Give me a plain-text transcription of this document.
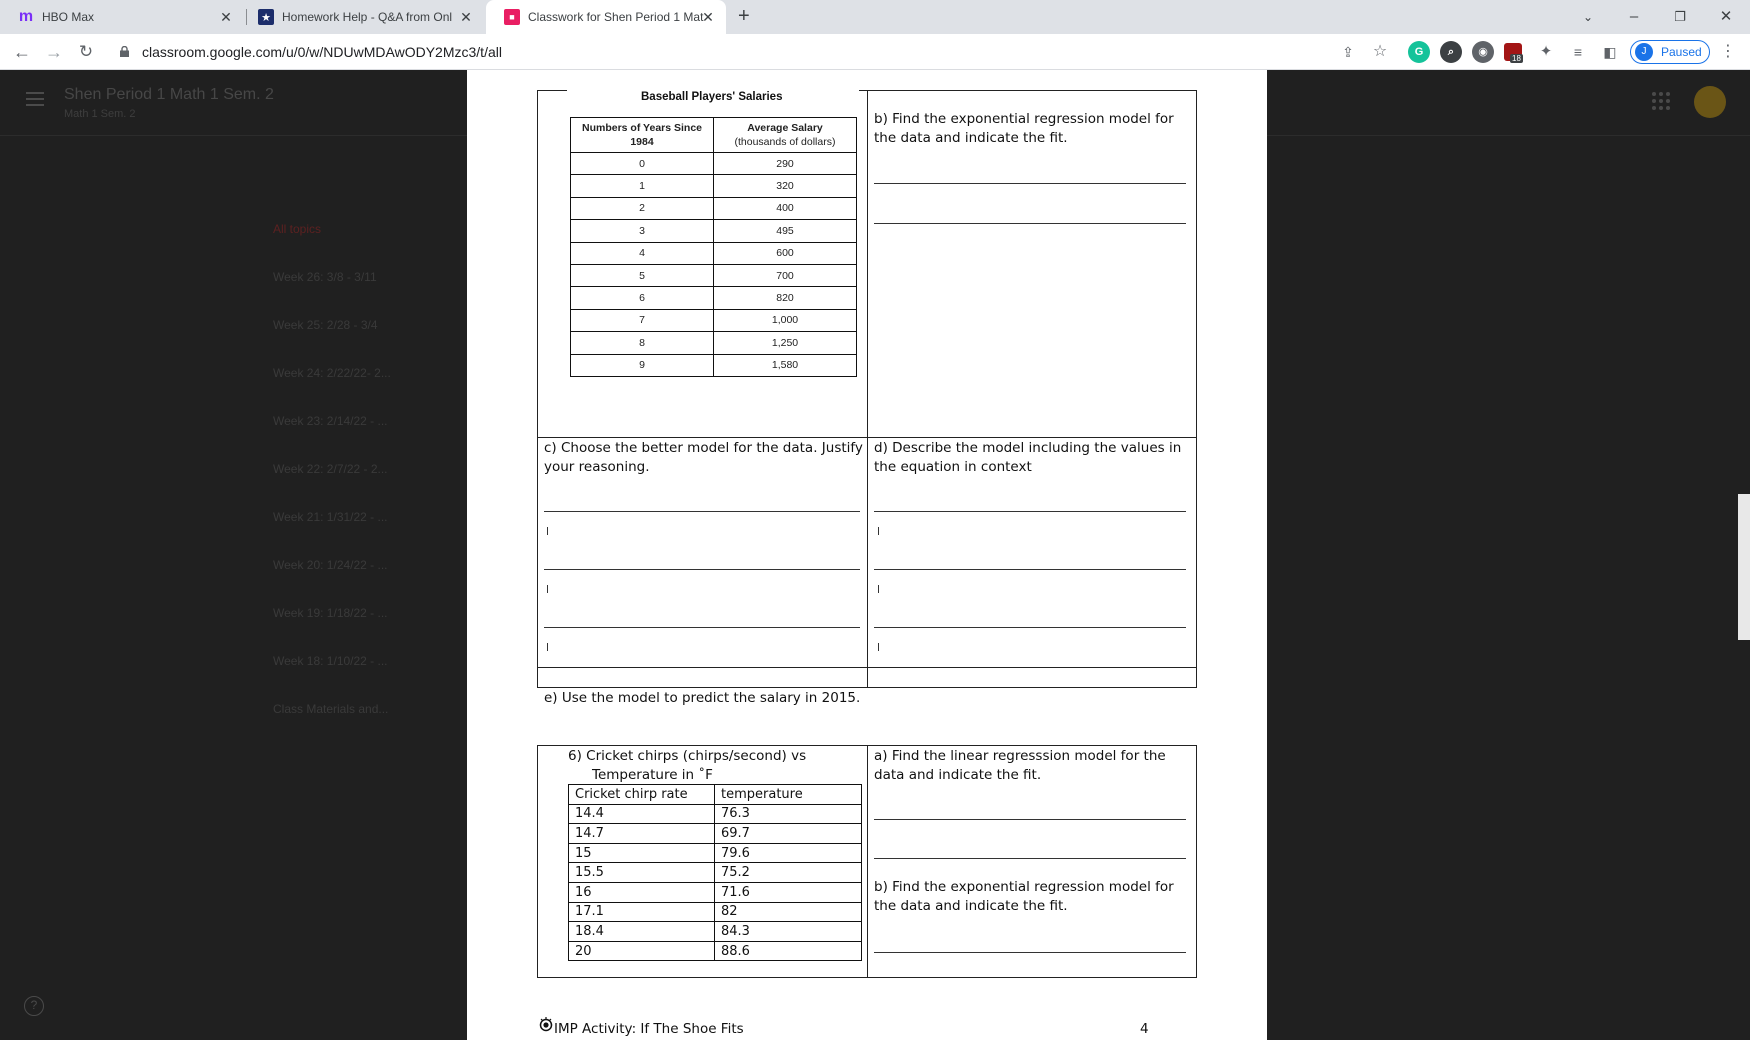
m HBO Max	✕	★ Homework Help - Q&A from Onl ✕	■	Classwork for Shen Period 1 Mat
✕ +	⌄	–	❐	✕
← → ↻	classroom.google.com/u/0/w/NDUwMDAwODY2Mzc3/t/all	⇪	☆	G	⌕	◉
18	✦	≡	◧	J	Paused	⋮
Shen Period 1 Math 1 Sem. 2
Math 1 Sem. 2
All topics
Week 26: 3/8 - 3/11
Week 25: 2/28 - 3/4
Week 24: 2/22/22- 2...
Week 23: 2/14/22 - ...
Week 22: 2/7/22 - 2...
Week 21: 1/31/22 - ...
Week 20: 1/24/22 - ...
Week 19: 1/18/22 - ...
Week 18: 1/10/22 - ...
Class Materials and...
?
Baseball Players' Salaries
Numbers of Years Since 1984	Average Salary
(thousands of dollars)
0	290
1	320
2	400
3	495
4	600
5	700
6	820
7	1,000
8	1,250
9	1,580
b) Find the exponential regression model for the data and indicate the fit.
c) Choose the better model for the data. Justify your reasoning.
d) Describe the model including the values in the equation in context
e) Use the model to predict the salary in 2015.
6) Cricket chirps (chirps/second) vs
Temperature in ˚F
Cricket chirp rate	temperature
14.4	76.3
14.7	69.7
15	79.6
15.5	75.2
16	71.6
17.1	82
18.4	84.3
20	88.6
a) Find the linear regresssion model for the data and indicate the fit.
b) Find the exponential regression model for the data and indicate the fit.
IMP Activity: If The Shoe Fits	4
